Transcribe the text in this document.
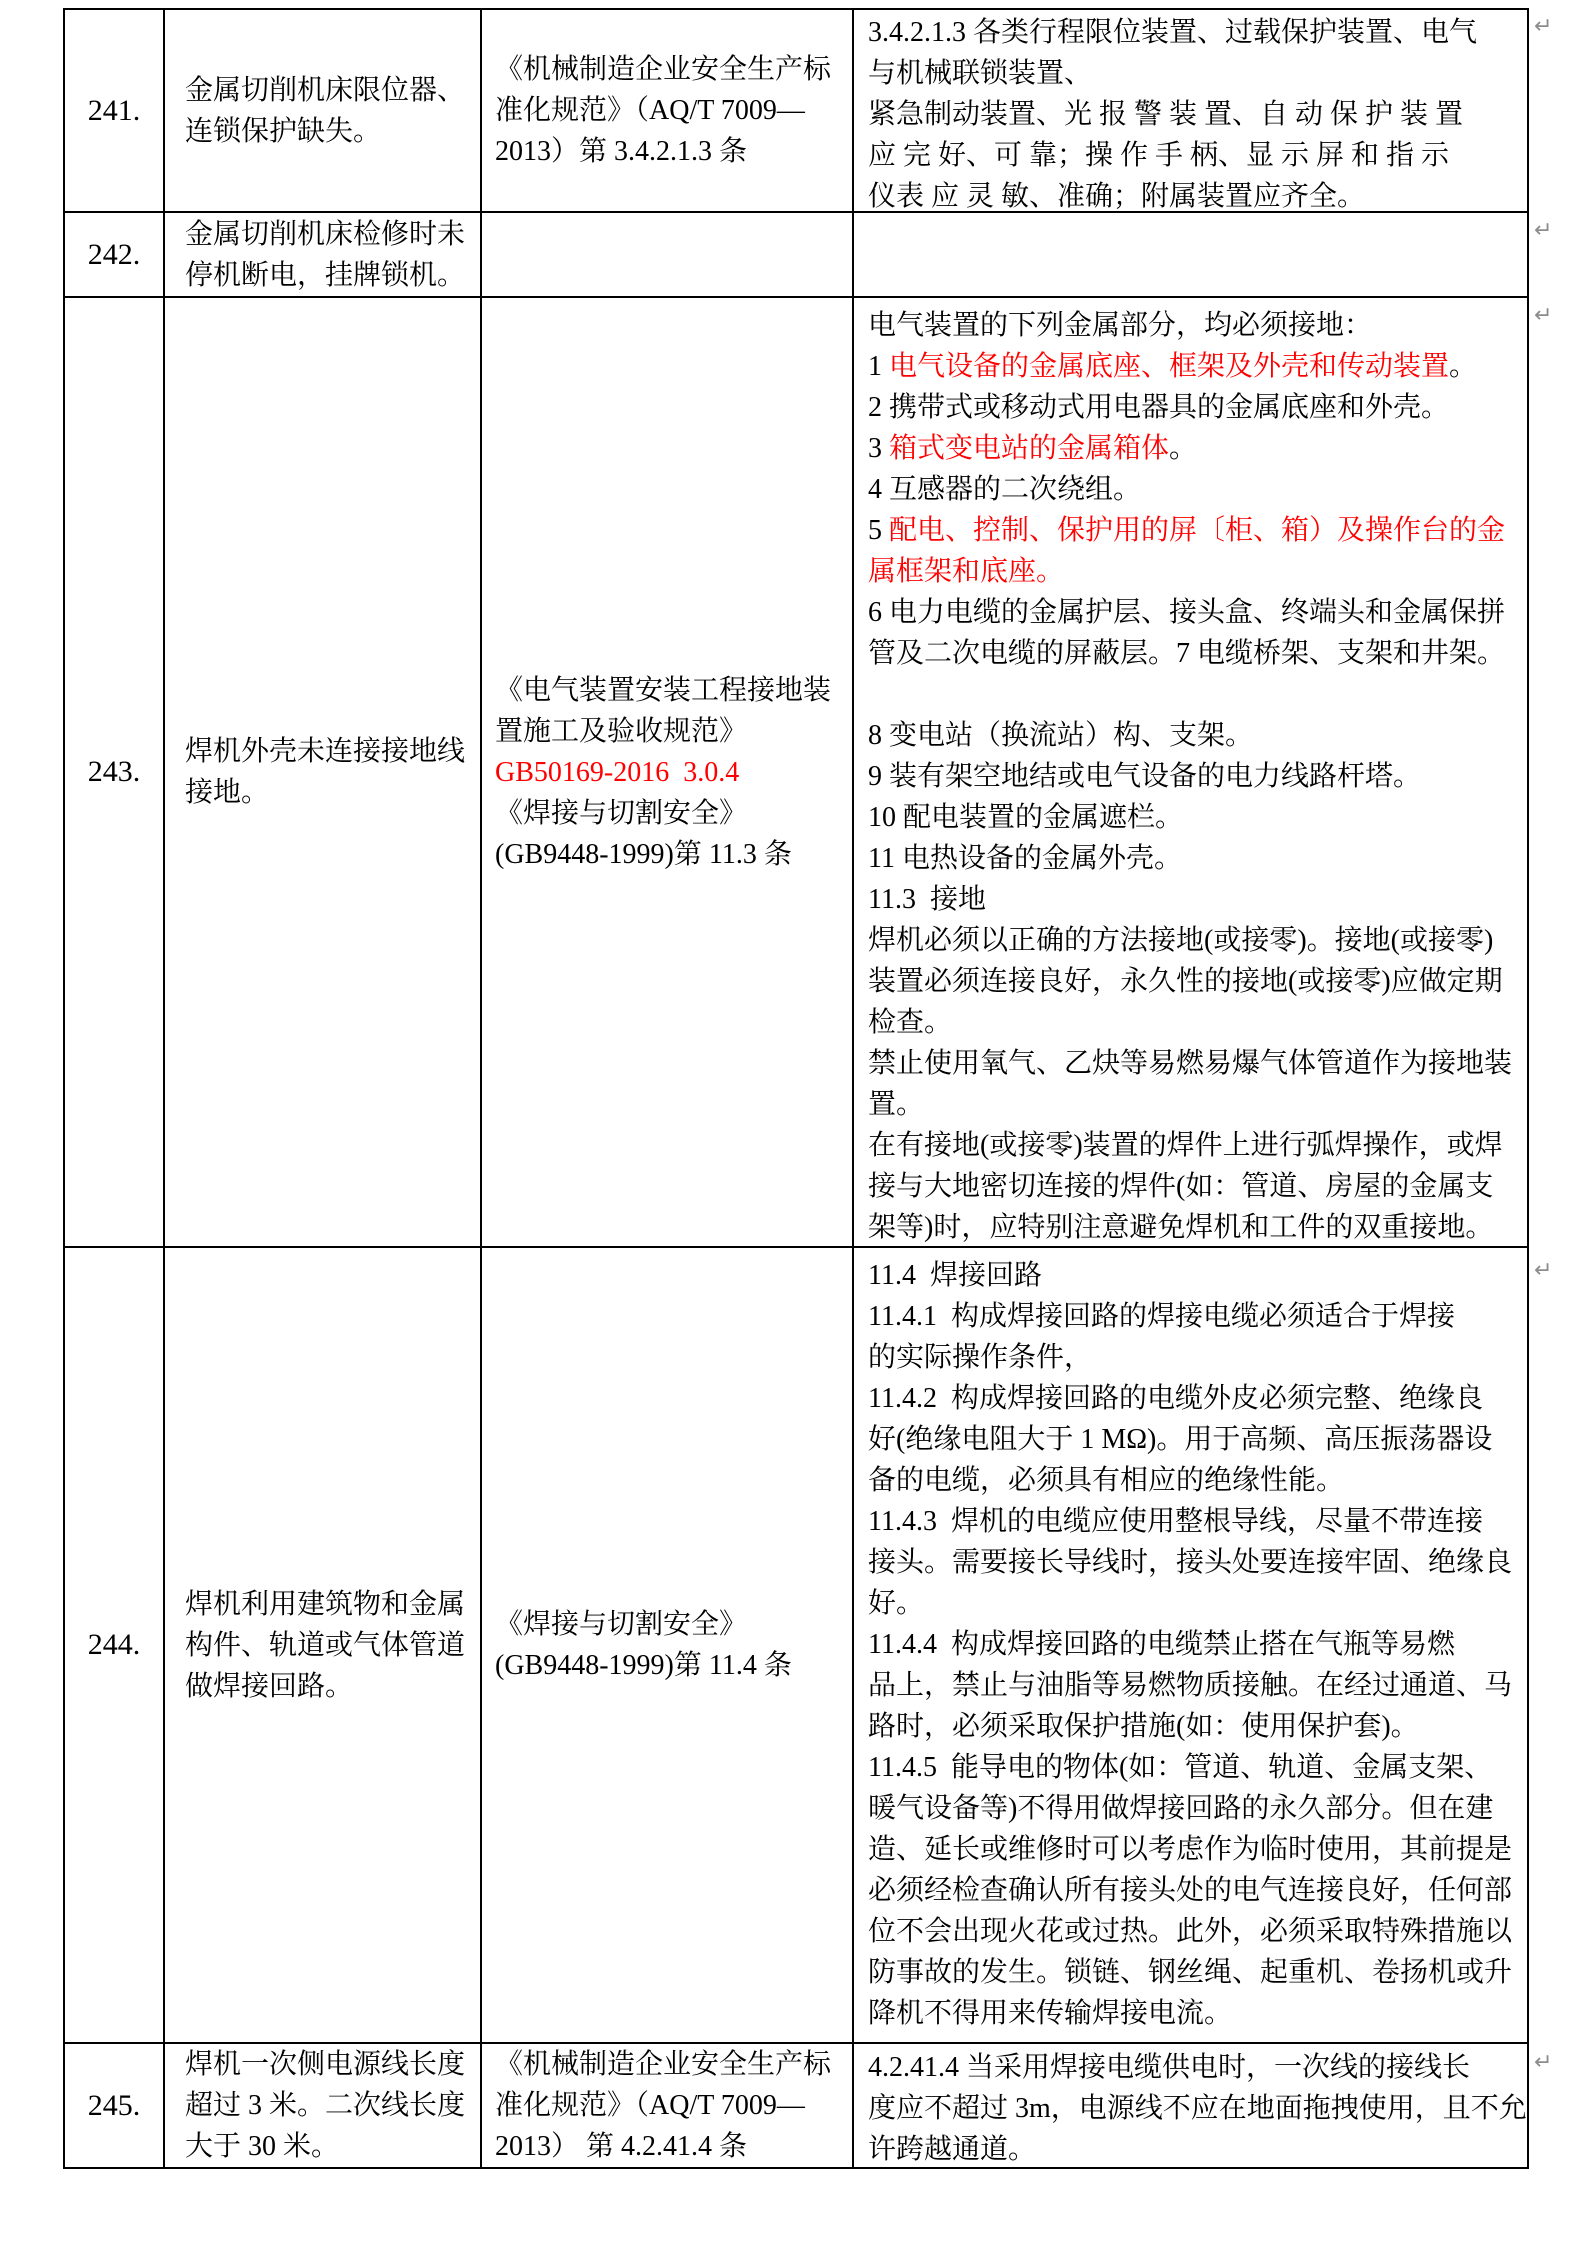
241.
金属切削机床限位器、
连锁保护缺失。
《机械制造企业安全生产标
准化规范》（AQ/T 7009—
2013）第 3.4.2.1.3 条
3.4.2.1.3 各类行程限位装置、过载保护装置、电气
与机械联锁装置、
紧急制动装置、光 报 警 装 置、自 动 保 护 装 置
应 完 好、可 靠；操 作 手 柄、显 示 屏 和 指 示
仪表 应 灵 敏、准确；附属装置应齐全。
242.
金属切削机床检修时未
停机断电，挂牌锁机。
243.
焊机外壳未连接接地线
接地。
《电气装置安装工程接地装
置施工及验收规范》
GB50169-2016  3.0.4
《焊接与切割安全》
(GB9448-1999)第 11.3 条
电气装置的下列金属部分，均必须接地：
1 电气设备的金属底座、框架及外壳和传动装置。
2 携带式或移动式用电器具的金属底座和外壳。
3 箱式变电站的金属箱体。
4 互感器的二次绕组。
5 配电、控制、保护用的屏〔柜、箱）及操作台的金
属框架和底座。
6 电力电缆的金属护层、接头盒、终端头和金属保拼
管及二次电缆的屏蔽层。7 电缆桥架、支架和井架。

8 变电站（换流站）构、支架。
9 装有架空地结或电气设备的电力线路杆塔。
10 配电装置的金属遮栏。
11 电热设备的金属外壳。
11.3  接地
焊机必须以正确的方法接地(或接零)。接地(或接零)
装置必须连接良好，永久性的接地(或接零)应做定期
检查。
禁止使用氧气、乙炔等易燃易爆气体管道作为接地装
置。
在有接地(或接零)装置的焊件上进行弧焊操作，或焊
接与大地密切连接的焊件(如：管道、房屋的金属支
架等)时，应特别注意避免焊机和工件的双重接地。
244.
焊机利用建筑物和金属
构件、轨道或气体管道
做焊接回路。
《焊接与切割安全》
(GB9448-1999)第 11.4 条
11.4  焊接回路
11.4.1  构成焊接回路的焊接电缆必须适合于焊接
的实际操作条件，
11.4.2  构成焊接回路的电缆外皮必须完整、绝缘良
好(绝缘电阻大于 1 MΩ)。用于高频、高压振荡器设
备的电缆，必须具有相应的绝缘性能。
11.4.3  焊机的电缆应使用整根导线，尽量不带连接
接头。需要接长导线时，接头处要连接牢固、绝缘良
好。
11.4.4  构成焊接回路的电缆禁止搭在气瓶等易燃
品上，禁止与油脂等易燃物质接触。在经过通道、马
路时，必须采取保护措施(如：使用保护套)。
11.4.5  能导电的物体(如：管道、轨道、金属支架、
暖气设备等)不得用做焊接回路的永久部分。但在建
造、延长或维修时可以考虑作为临时使用，其前提是
必须经检查确认所有接头处的电气连接良好，任何部
位不会出现火花或过热。此外，必须采取特殊措施以
防事故的发生。锁链、钢丝绳、起重机、卷扬机或升
降机不得用来传输焊接电流。
245.
焊机一次侧电源线长度
超过 3 米。二次线长度
大于 30 米。
《机械制造企业安全生产标
准化规范》（AQ/T 7009—
2013） 第 4.2.41.4 条
4.2.41.4 当采用焊接电缆供电时，一次线的接线长
度应不超过 3m，电源线不应在地面拖拽使用，且不允
许跨越通道。
↵
↵
↵
↵
↵
